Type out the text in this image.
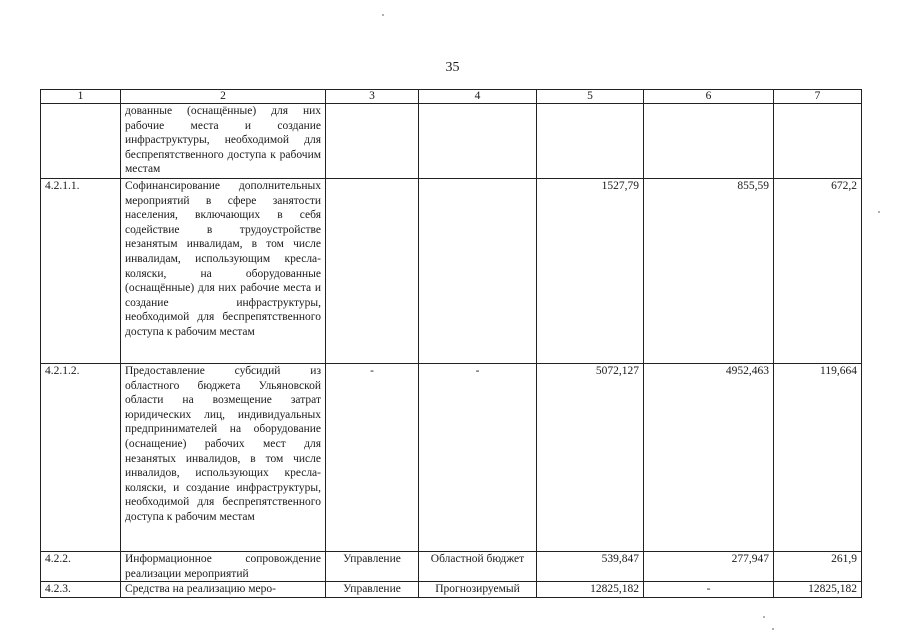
35
1	2	3	4	5	6	7
	дованные (оснащённые) для них рабочие места и создание инфраструктуры, необходимой для беспрепятственного доступа к рабочим местам					
4.2.1.1.	Софинансирование дополнительных мероприятий в сфере занятости населения, включающих в себя содействие в трудоустройстве незанятым инвалидам, в том числе инвалидам, использующим кресла-коляски, на оборудованные (оснащённые) для них рабочие места и создание инфраструктуры, необходимой для беспрепятственного доступа к рабочим местам			1527,79	855,59	672,2
4.2.1.2.	Предоставление субсидий из областного бюджета Ульяновской области на возмещение затрат юридических лиц, индивидуальных предпринимателей на оборудование (оснащение) рабочих мест для незанятых инвалидов, в том числе инвалидов, использующих кресла-коляски, и создание инфраструктуры, необходимой для беспрепятственного доступа к рабочим местам	-	-	5072,127	4952,463	119,664
4.2.2.	Информационное сопровождение реализации мероприятий	Управление	Областной бюджет	539,847	277,947	261,9
4.2.3.	Средства на реализацию меро-	Управление	Прогнозируемый	12825,182	-	12825,182
